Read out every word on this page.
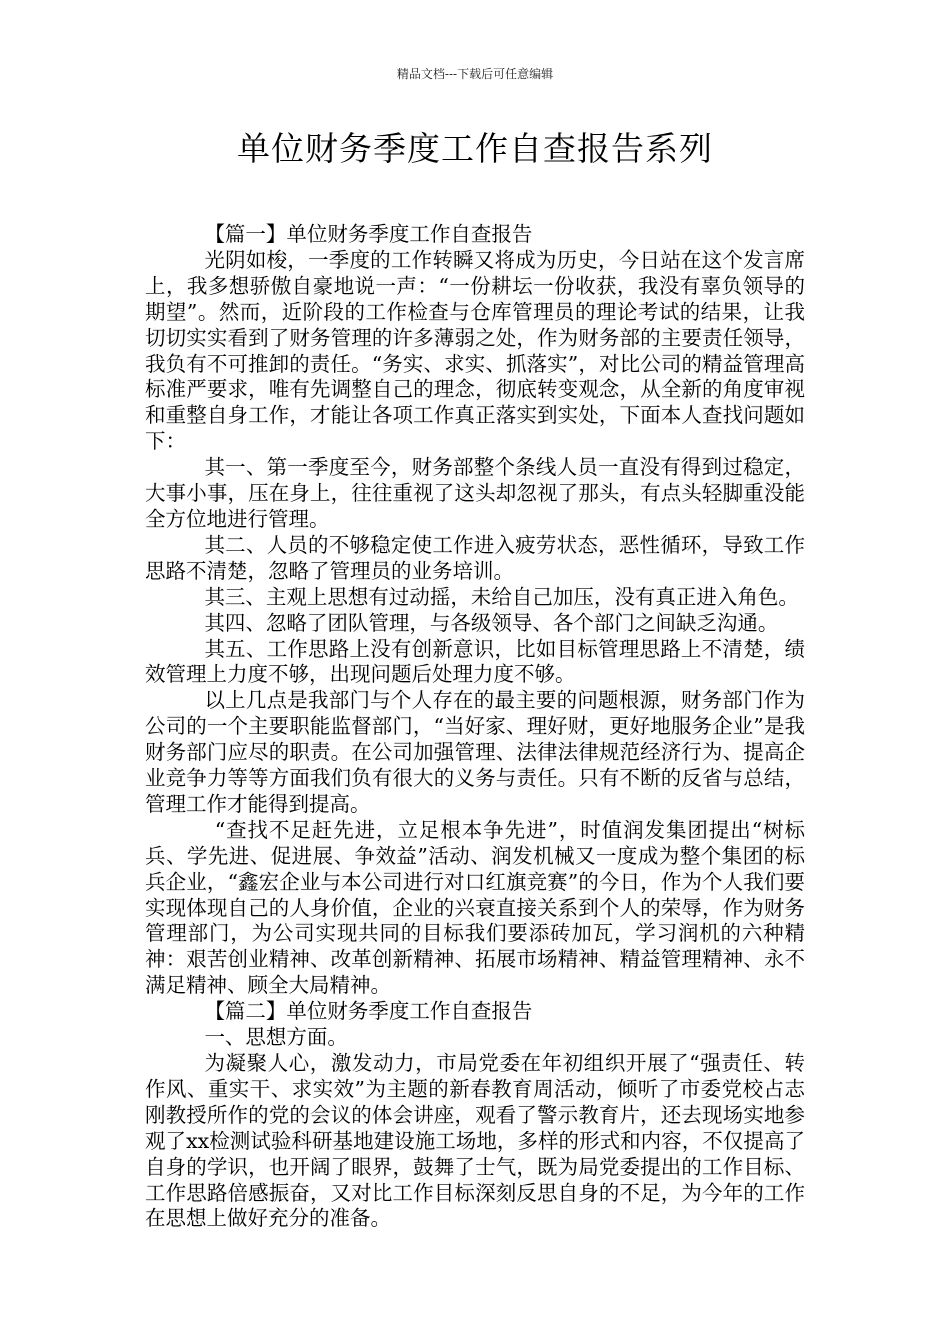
精品文档---下载后可任意编辑
单位财务季度工作自查报告系列

【篇一】单位财务季度工作自查报告

光阴如梭，一季度的工作转瞬又将成为历史，今日站在这个发言席上，我多想骄傲自豪地说一声：“一份耕坛一份收获，我没有辜负领导的期望”。然而，近阶段的工作检查与仓库管理员的理论考试的结果，让我切切实实看到了财务管理的许多薄弱之处，作为财务部的主要责任领导，我负有不可推卸的责任。“务实、求实、抓落实”，对比公司的精益管理高标准严要求，唯有先调整自己的理念，彻底转变观念，从全新的角度审视和重整自身工作，才能让各项工作真正落实到实处，下面本人查找问题如下：

其一、第一季度至今，财务部整个条线人员一直没有得到过稳定，大事小事，压在身上，往往重视了这头却忽视了那头，有点头轻脚重没能全方位地进行管理。

其二、人员的不够稳定使工作进入疲劳状态，恶性循环，导致工作思路不清楚，忽略了管理员的业务培训。

其三、主观上思想有过动摇，未给自己加压，没有真正进入角色。

其四、忽略了团队管理，与各级领导、各个部门之间缺乏沟通。

其五、工作思路上没有创新意识，比如目标管理思路上不清楚，绩效管理上力度不够，出现问题后处理力度不够。

以上几点是我部门与个人存在的最主要的问题根源，财务部门作为公司的一个主要职能监督部门，“当好家、理好财，更好地服务企业”是我财务部门应尽的职责。在公司加强管理、法律法律规范经济行为、提高企业竞争力等等方面我们负有很大的义务与责任。只有不断的反省与总结，管理工作才能得到提高。

“查找不足赶先进，立足根本争先进”，时值润发集团提出“树标兵、学先进、促进展、争效益”活动、润发机械又一度成为整个集团的标兵企业，“鑫宏企业与本公司进行对口红旗竞赛”的今日，作为个人我们要实现体现自己的人身价值，企业的兴衰直接关系到个人的荣辱，作为财务管理部门，为公司实现共同的目标我们要添砖加瓦，学习润机的六种精神：艰苦创业精神、改革创新精神、拓展市场精神、精益管理精神、永不满足精神、顾全大局精神。

【篇二】单位财务季度工作自查报告

一、思想方面。

为凝聚人心，激发动力，市局党委在年初组织开展了“强责任、转作风、重实干、求实效”为主题的新春教育周活动，倾听了市委党校占志刚教授所作的党的会议的体会讲座，观看了警示教育片，还去现场实地参观了xx检测试验科研基地建设施工场地，多样的形式和内容，不仅提高了自身的学识，也开阔了眼界，鼓舞了士气，既为局党委提出的工作目标、工作思路倍感振奋，又对比工作目标深刻反思自身的不足，为今年的工作在思想上做好充分的准备。
